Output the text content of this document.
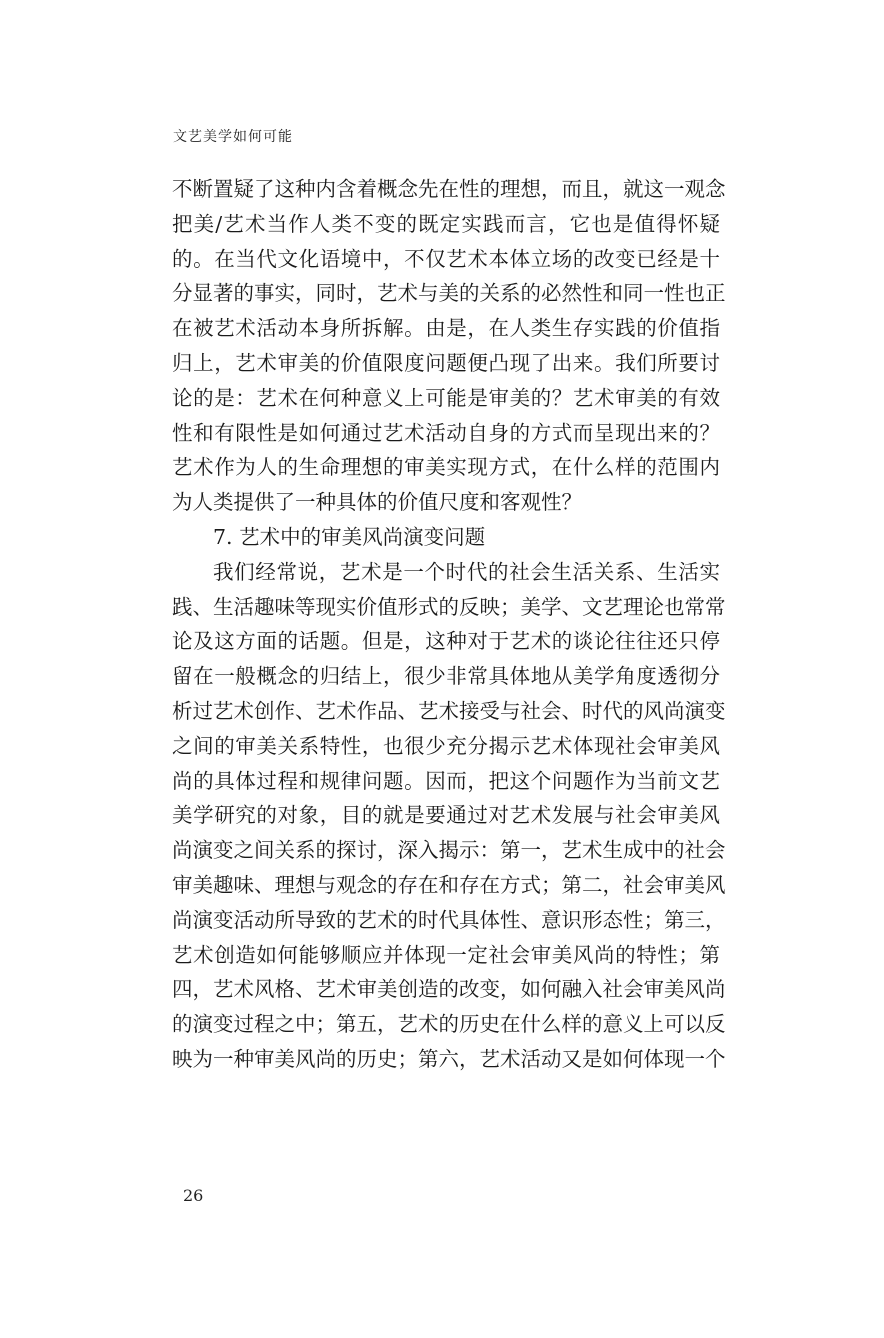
文艺美学如何可能
不断置疑了这种内含着概念先在性的理想，而且，就这一观念
把美/艺术当作人类不变的既定实践而言，它也是值得怀疑
的。在当代文化语境中，不仅艺术本体立场的改变已经是十
分显著的事实，同时，艺术与美的关系的必然性和同一性也正
在被艺术活动本身所拆解。由是，在人类生存实践的价值指
归上，艺术审美的价值限度问题便凸现了出来。我们所要讨
论的是：艺术在何种意义上可能是审美的？艺术审美的有效
性和有限性是如何通过艺术活动自身的方式而呈现出来的？
艺术作为人的生命理想的审美实现方式，在什么样的范围内
为人类提供了一种具体的价值尺度和客观性？
7. 艺术中的审美风尚演变问题
我们经常说，艺术是一个时代的社会生活关系、生活实
践、生活趣味等现实价值形式的反映；美学、文艺理论也常常
论及这方面的话题。但是，这种对于艺术的谈论往往还只停
留在一般概念的归结上，很少非常具体地从美学角度透彻分
析过艺术创作、艺术作品、艺术接受与社会、时代的风尚演变
之间的审美关系特性，也很少充分揭示艺术体现社会审美风
尚的具体过程和规律问题。因而，把这个问题作为当前文艺
美学研究的对象，目的就是要通过对艺术发展与社会审美风
尚演变之间关系的探讨，深入揭示：第一，艺术生成中的社会
审美趣味、理想与观念的存在和存在方式；第二，社会审美风
尚演变活动所导致的艺术的时代具体性、意识形态性；第三，
艺术创造如何能够顺应并体现一定社会审美风尚的特性；第
四，艺术风格、艺术审美创造的改变，如何融入社会审美风尚
的演变过程之中；第五，艺术的历史在什么样的意义上可以反
映为一种审美风尚的历史；第六，艺术活动又是如何体现一个
26
